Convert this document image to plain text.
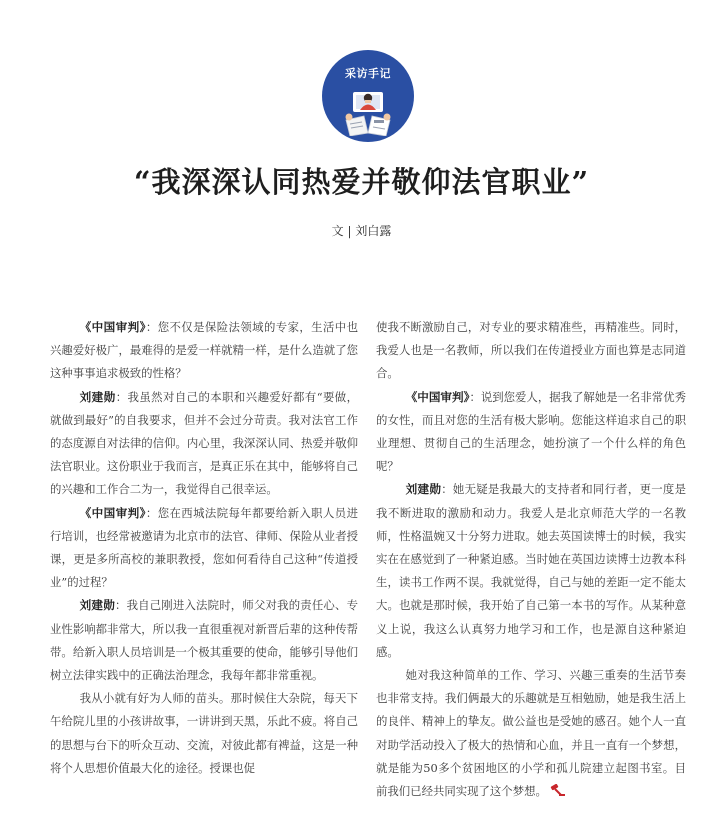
采访手记
“我深深认同热爱并敬仰法官职业”
文 | 刘白露

《中国审判》：您不仅是保险法领域的专家，生活中也兴趣爱好极广，最难得的是爱一样就精一样，是什么造就了您这种事事追求极致的性格？

刘建勋：我虽然对自己的本职和兴趣爱好都有“要做，就做到最好”的自我要求，但并不会过分苛责。我对法官工作的态度源自对法律的信仰。内心里，我深深认同、热爱并敬仰法官职业。这份职业于我而言，是真正乐在其中，能够将自己的兴趣和工作合二为一，我觉得自己很幸运。

《中国审判》：您在西城法院每年都要给新入职人员进行培训，也经常被邀请为北京市的法官、律师、保险从业者授课，更是多所高校的兼职教授，您如何看待自己这种“传道授业”的过程？

刘建勋：我自己刚进入法院时，师父对我的责任心、专业性影响都非常大，所以我一直很重视对新晋后辈的这种传帮带。给新入职人员培训是一个极其重要的使命，能够引导他们树立法律实践中的正确法治理念，我每年都非常重视。

我从小就有好为人师的苗头。那时候住大杂院，每天下午给院儿里的小孩讲故事，一讲讲到天黑，乐此不疲。将自己的思想与台下的听众互动、交流，对彼此都有裨益，这是一种将个人思想价值最大化的途径。授课也促

使我不断激励自己，对专业的要求精准些，再精准些。同时，我爱人也是一名教师，所以我们在传道授业方面也算是志同道合。

《中国审判》：说到您爱人，据我了解她是一名非常优秀的女性，而且对您的生活有极大影响。您能这样追求自己的职业理想、贯彻自己的生活理念，她扮演了一个什么样的角色呢？

刘建勋：她无疑是我最大的支持者和同行者，更一度是我不断进取的激励和动力。我爱人是北京师范大学的一名教师，性格温婉又十分努力进取。她去英国读博士的时候，我实实在在感觉到了一种紧迫感。当时她在英国边读博士边教本科生，读书工作两不误。我就觉得，自己与她的差距一定不能太大。也就是那时候，我开始了自己第一本书的写作。从某种意义上说，我这么认真努力地学习和工作，也是源自这种紧迫感。

她对我这种简单的工作、学习、兴趣三重奏的生活节奏也非常支持。我们俩最大的乐趣就是互相勉励，她是我生活上的良伴、精神上的挚友。做公益也是受她的感召。她个人一直对助学活动投入了极大的热情和心血，并且一直有一个梦想，就是能为50多个贫困地区的小学和孤儿院建立起图书室。目前我们已经共同实现了这个梦想。
